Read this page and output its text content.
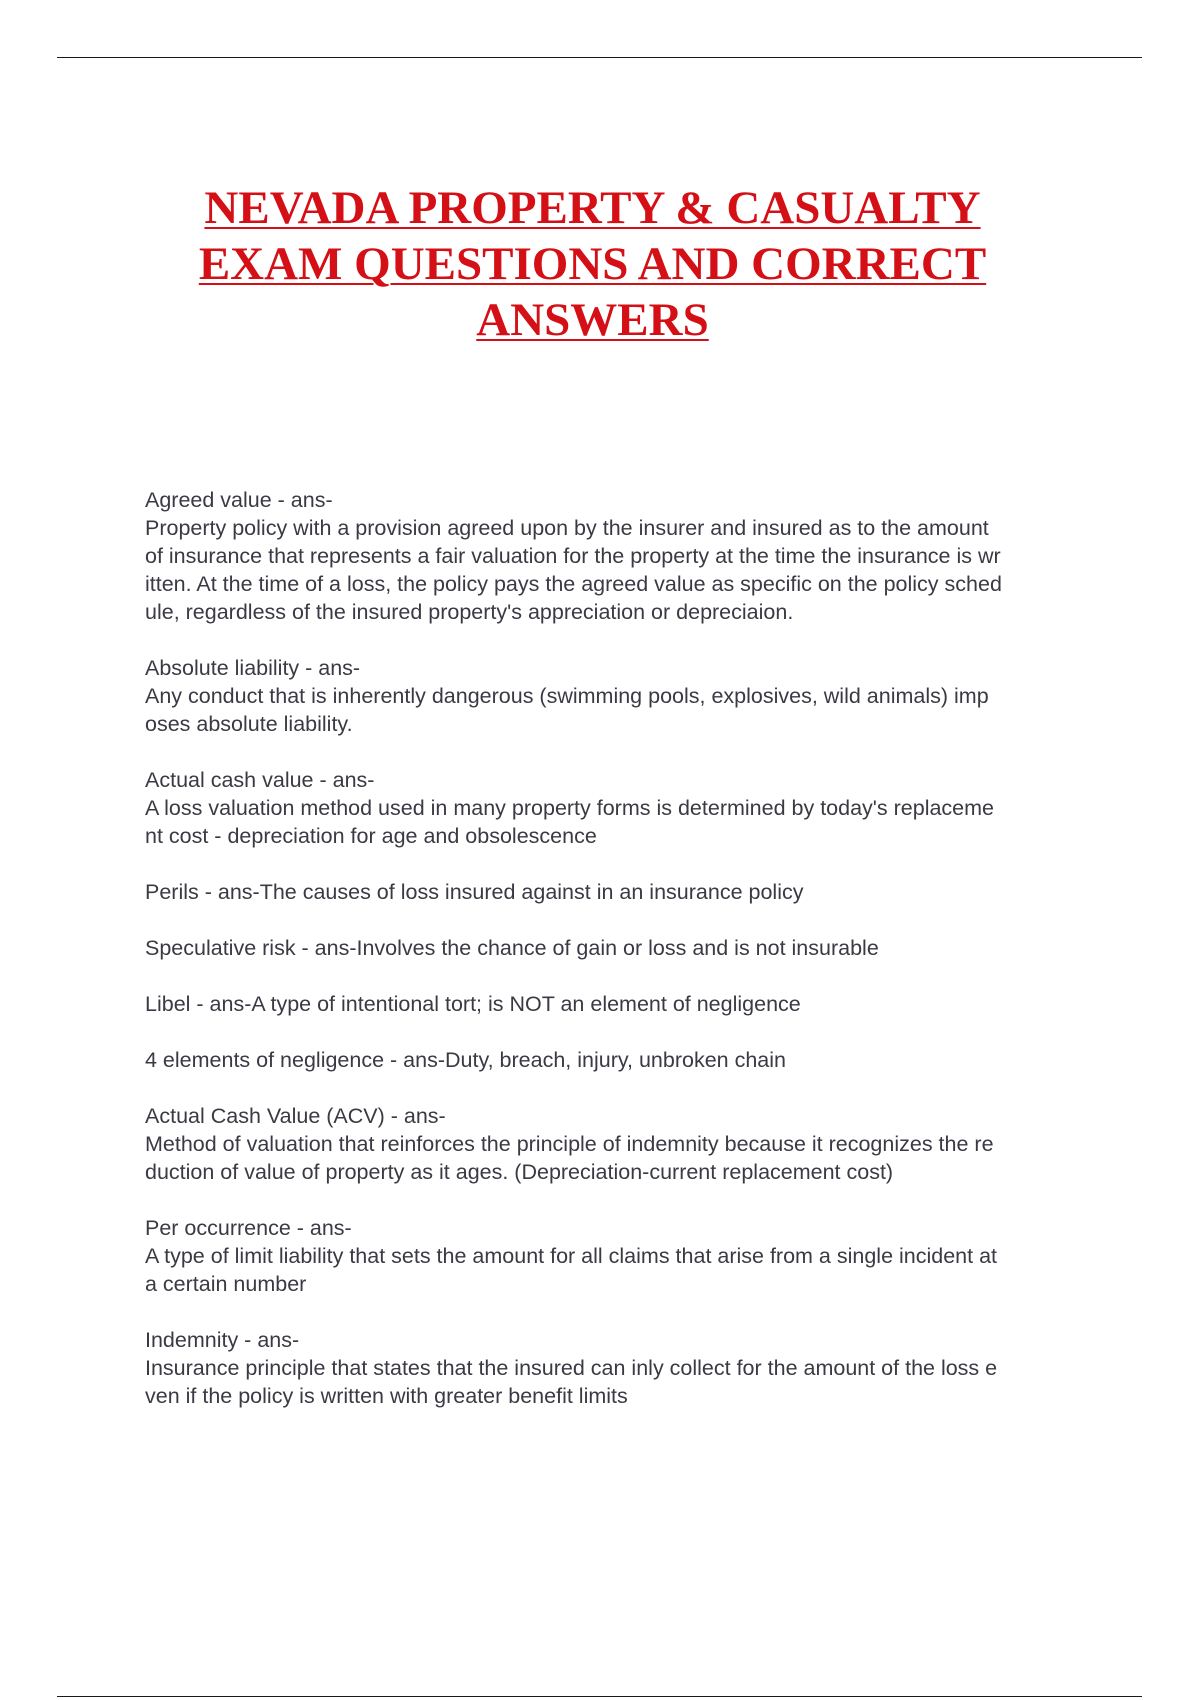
NEVADA PROPERTY & CASUALTY
EXAM QUESTIONS AND CORRECT
ANSWERS
Agreed value - ans-
Property policy with a provision agreed upon by the insurer and insured as to the amount
of insurance that represents a fair valuation for the property at the time the insurance is wr
itten. At the time of a loss, the policy pays the agreed value as specific on the policy sched
ule, regardless of the insured property's appreciation or depreciaion.
Absolute liability - ans-
Any conduct that is inherently dangerous (swimming pools, explosives, wild animals) imp
oses absolute liability.
Actual cash value - ans-
A loss valuation method used in many property forms is determined by today's replaceme
nt cost - depreciation for age and obsolescence
Perils - ans-The causes of loss insured against in an insurance policy
Speculative risk - ans-Involves the chance of gain or loss and is not insurable
Libel - ans-A type of intentional tort; is NOT an element of negligence
4 elements of negligence - ans-Duty, breach, injury, unbroken chain
Actual Cash Value (ACV) - ans-
Method of valuation that reinforces the principle of indemnity because it recognizes the re
duction of value of property as it ages. (Depreciation-current replacement cost)
Per occurrence - ans-
A type of limit liability that sets the amount for all claims that arise from a single incident at
a certain number
Indemnity - ans-
Insurance principle that states that the insured can inly collect for the amount of the loss e
ven if the policy is written with greater benefit limits
